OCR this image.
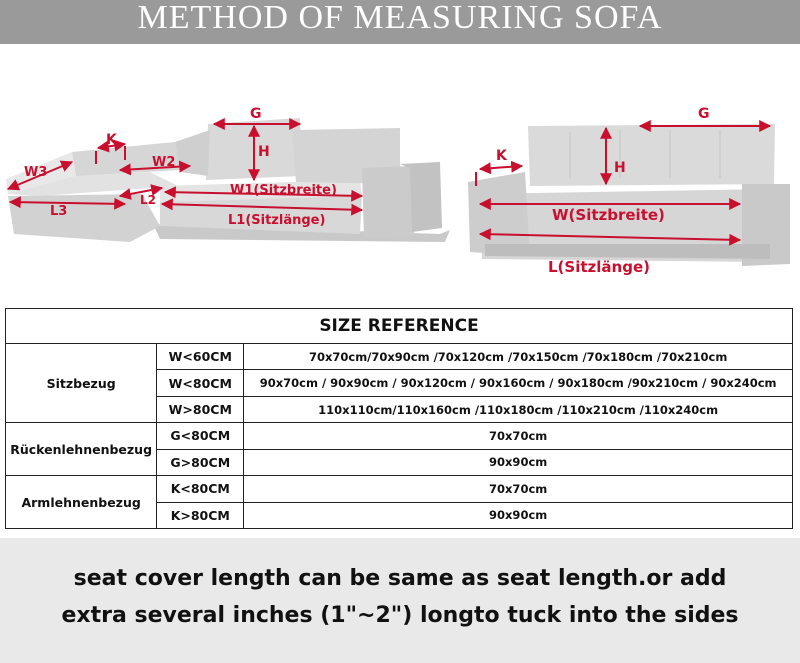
METHOD OF MEASURING SOFA
W3
K
W2
G
H
W1(Sitzbreite)
L2
L3
L1(Sitzlänge)
K
H
G
W(Sitzbreite)
L(Sitzlänge)
SIZE REFERENCE		
Sitzbezug	W<60CM	70x70cm/70x90cm /70x120cm /70x150cm /70x180cm /70x210cm
	W<80CM	90x70cm / 90x90cm / 90x120cm / 90x160cm / 90x180cm /90x210cm / 90x240cm
	W>80CM	110x110cm/110x160cm /110x180cm /110x210cm /110x240cm
Rückenlehnenbezug	G<80CM	70x70cm
	G>80CM	90x90cm
Armlehnenbezug	K<80CM	70x70cm
	K>80CM	90x90cm
seat cover length can be same as seat length.or add
extra several inches (1"~2") longto tuck into the sides
